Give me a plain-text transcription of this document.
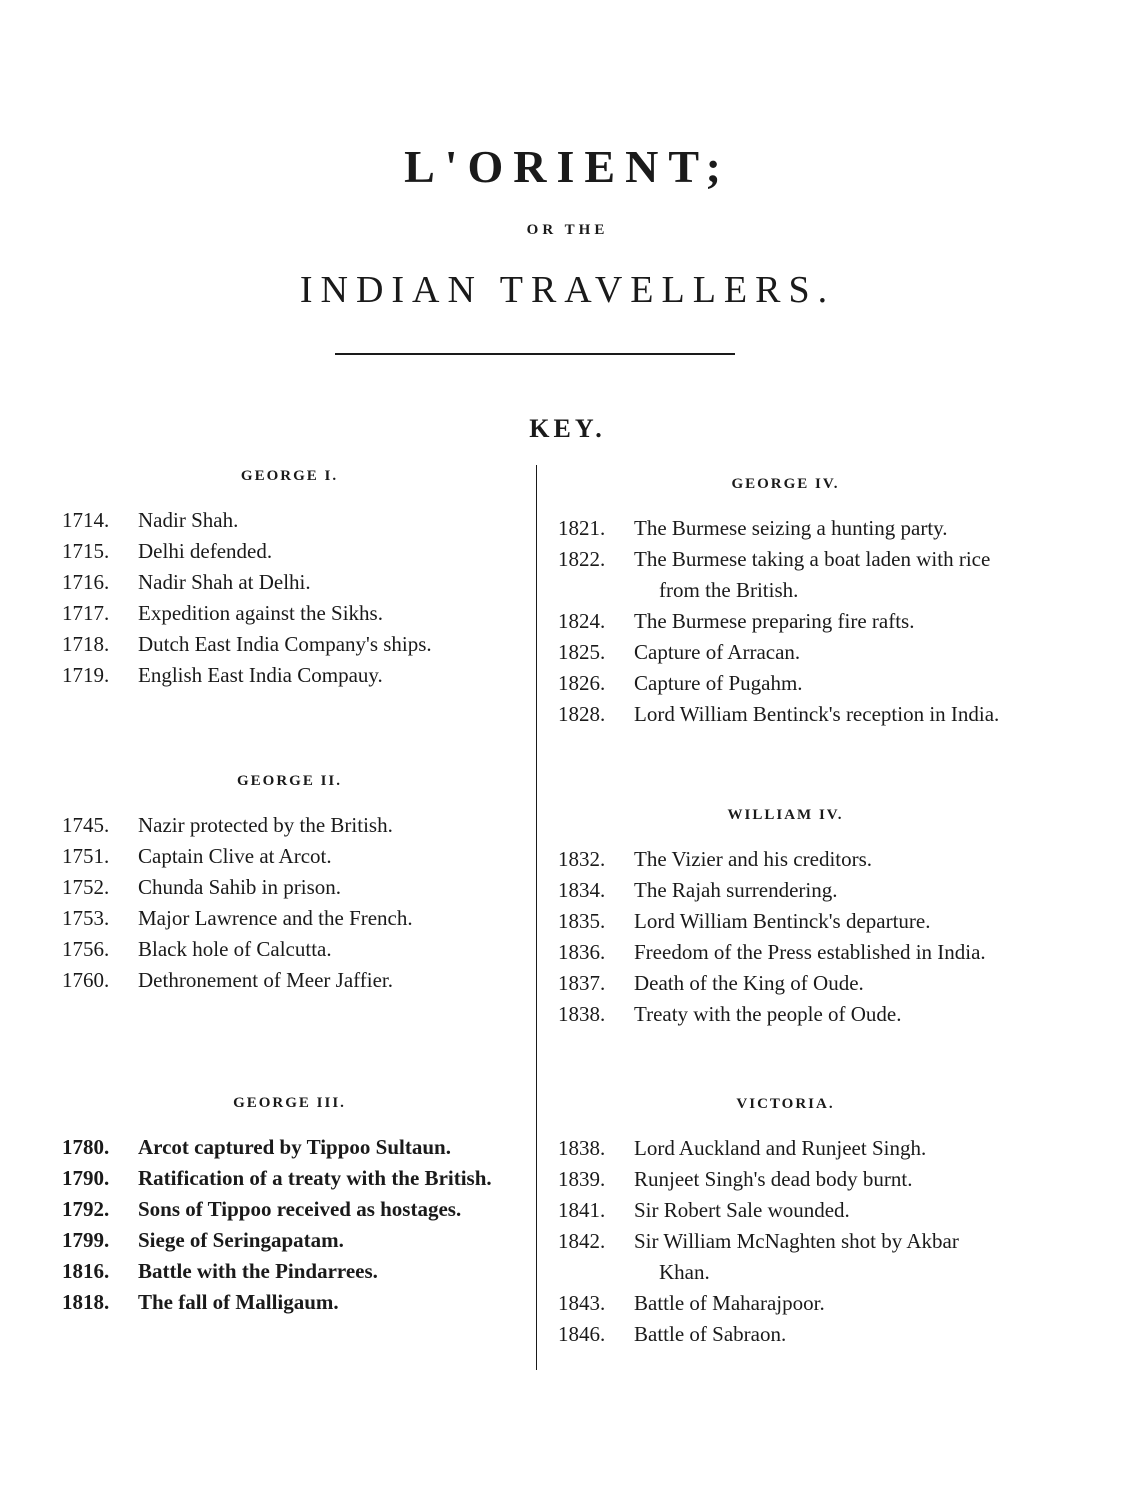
L'ORIENT;
OR THE
INDIAN TRAVELLERS.
KEY.
GEORGE I.
1714.	Nadir Shah.
1715.	Delhi defended.
1716.	Nadir Shah at Delhi.
1717.	Expedition against the Sikhs.
1718.	Dutch East India Company's ships.
1719.	English East India Compauy.
GEORGE II.
1745.	Nazir protected by the British.
1751.	Captain Clive at Arcot.
1752.	Chunda Sahib in prison.
1753.	Major Lawrence and the French.
1756.	Black hole of Calcutta.
1760.	Dethronement of Meer Jaffier.
GEORGE III.
1780.	Arcot captured by Tippoo Sultaun.
1790.	Ratification of a treaty with the British.
1792.	Sons of Tippoo received as hostages.
1799.	Siege of Seringapatam.
1816.	Battle with the Pindarrees.
1818.	The fall of Malligaum.
GEORGE IV.
1821.	The Burmese seizing a hunting party.
1822.	The Burmese taking a boat laden with rice from the British.
1824.	The Burmese preparing fire rafts.
1825.	Capture of Arracan.
1826.	Capture of Pugahm.
1828.	Lord William Bentinck's reception in India.
WILLIAM IV.
1832.	The Vizier and his creditors.
1834.	The Rajah surrendering.
1835.	Lord William Bentinck's departure.
1836.	Freedom of the Press established in India.
1837.	Death of the King of Oude.
1838.	Treaty with the people of Oude.
VICTORIA.
1838.	Lord Auckland and Runjeet Singh.
1839.	Runjeet Singh's dead body burnt.
1841.	Sir Robert Sale wounded.
1842.	Sir William McNaghten shot by Akbar Khan.
1843.	Battle of Maharajpoor.
1846.	Battle of Sabraon.
